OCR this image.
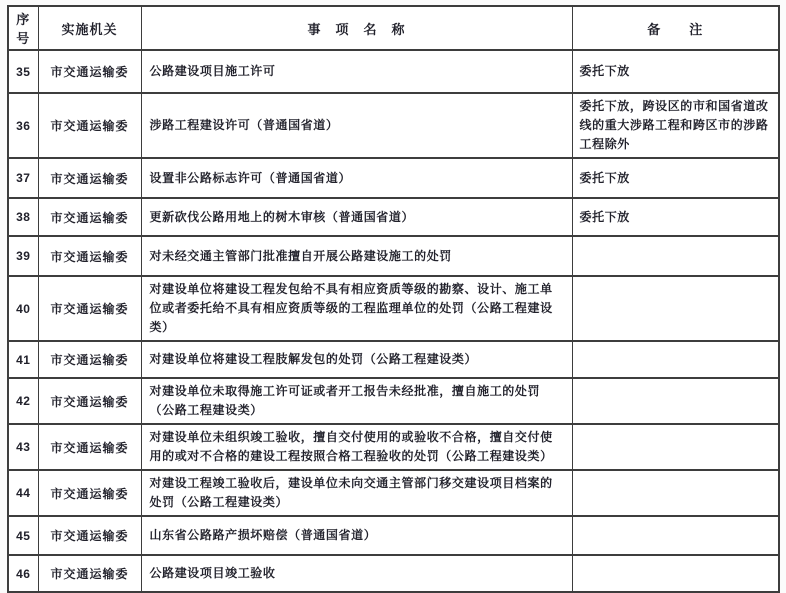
序号	实施机关	事　项　名　称	备　　注
35	市交通运输委	公路建设项目施工许可	委托下放
36	市交通运输委	涉路工程建设许可（普通国省道）	委托下放，跨设区的市和国省道改线的重大涉路工程和跨区市的涉路工程除外
37	市交通运输委	设置非公路标志许可（普通国省道）	委托下放
38	市交通运输委	更新砍伐公路用地上的树木审核（普通国省道）	委托下放
39	市交通运输委	对未经交通主管部门批准擅自开展公路建设施工的处罚	
40	市交通运输委	对建设单位将建设工程发包给不具有相应资质等级的勘察、设计、施工单位或者委托给不具有相应资质等级的工程监理单位的处罚（公路工程建设类）	
41	市交通运输委	对建设单位将建设工程肢解发包的处罚（公路工程建设类）	
42	市交通运输委	对建设单位未取得施工许可证或者开工报告未经批准，擅自施工的处罚（公路工程建设类）	
43	市交通运输委	对建设单位未组织竣工验收，擅自交付使用的或验收不合格，擅自交付使用的或对不合格的建设工程按照合格工程验收的处罚（公路工程建设类）	
44	市交通运输委	对建设工程竣工验收后，建设单位未向交通主管部门移交建设项目档案的处罚（公路工程建设类）	
45	市交通运输委	山东省公路路产损坏赔偿（普通国省道）	
46	市交通运输委	公路建设项目竣工验收	
